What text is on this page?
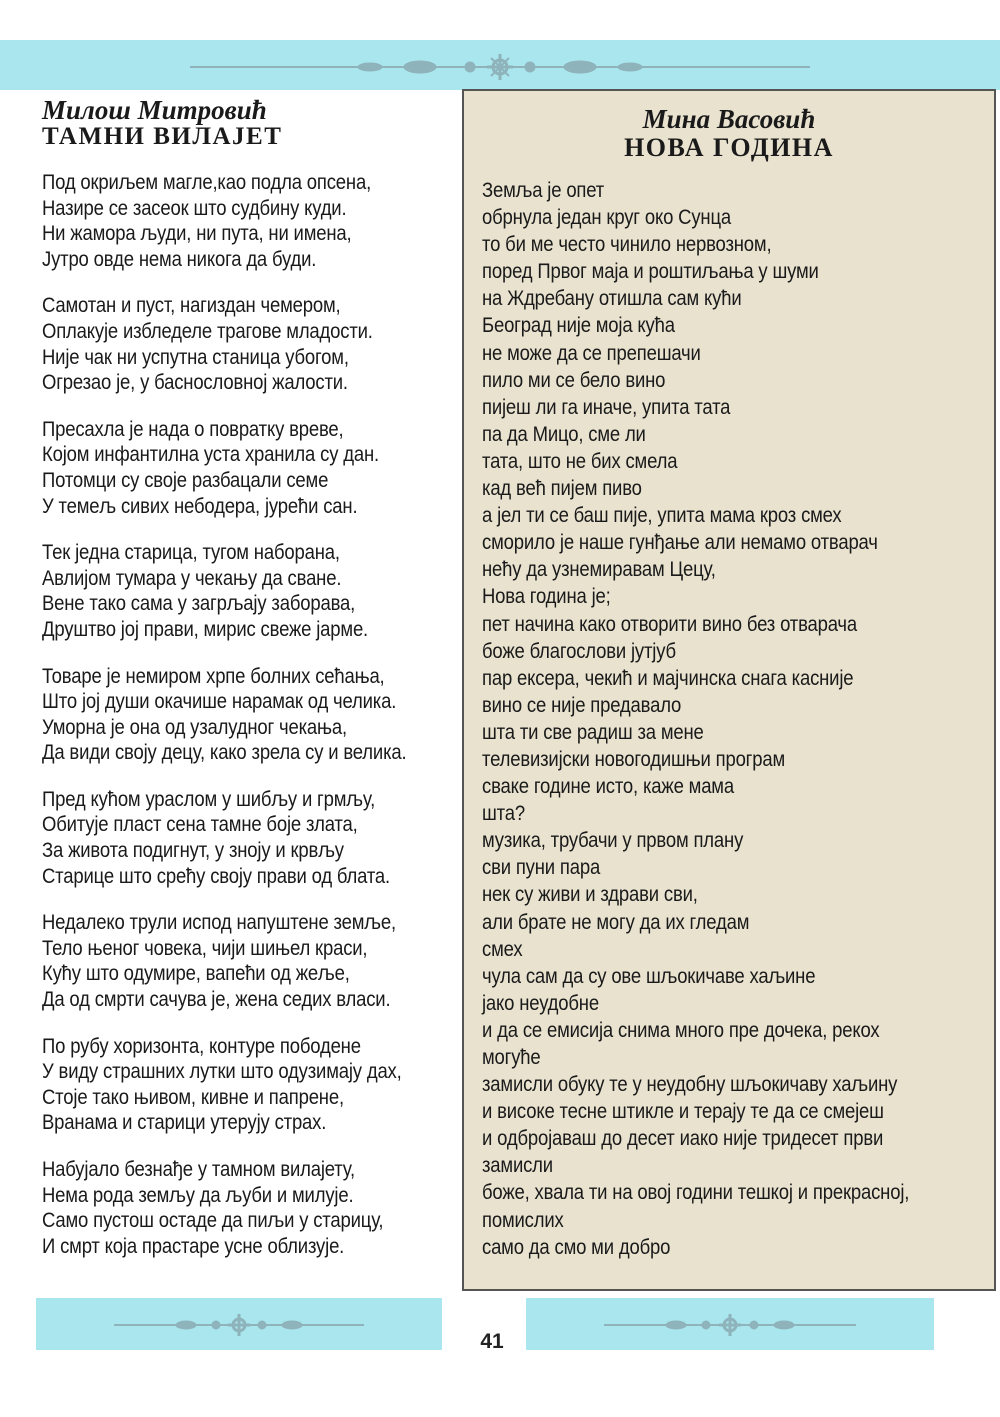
Милош Митровић
ТАМНИ ВИЛАЈЕТ
Под окриљем магле,као подла опсена,
Назире се засеок што судбину куди.
Ни жамора људи, ни пута, ни имена,
Јутро овде нема никога да буди.
Самотан и пуст, нагиздан чемером,
Оплакује избледеле трагове младости.
Није чак ни успутна станица убогом,
Огрезао је, у баснословној жалости.
Пресахла је нада о повратку вреве,
Којом инфантилна уста хранила су дан.
Потомци су своје разбацали семе
У темељ сивих небодера, јурећи сан.
Тек једна старица, тугом наборана,
Авлијом тумара у чекању да сване.
Вене тако сама у загрљају заборава,
Друштво јој прави, мирис свеже јарме.
Товаре је немиром хрпе болних сећања,
Што јој души окачише нарамак од челика.
Уморна је она од узалудног чекања,
Да види своју децу, како зрела су и велика.
Пред кућом урaслом у шибљу и грмљу,
Обитује пласт сена тамне боје злата,
За живота подигнут, у зноју и крвљу
Старице што срећу своју прави од блата.
Недалеко трули испод напуштене земље,
Тело њеног човека, чији шињел краси,
Кућу што одумире, вапећи од жеље,
Да од смрти сачува је, жена седих власи.
По рубу хоризонта, контуре пободене
У виду страшних лутки што одузимају дах,
Стоје тако њивом, кивне и папрене,
Вранама и старици утерују страх.
Набујало безнађе у тамном вилајету,
Нема рода земљу да љуби и милује.
Само пустош остаде да пиљи у старицу,
И смрт која прастаре усне облизује.
Мина Васовић
НОВА ГОДИНА
Земља је опет
обрнула један круг око Сунца
то би ме често чинило нервозном,
поред Првог маја и роштиљања у шуми
на Ждребану отишла сам кући
Београд није моја кућа
не може да се препешачи
пило ми се бело вино
пијеш ли га иначе, упита тата
па да Мицо, сме ли
тата, што не бих смела
кад већ пијем пиво
а јел ти се баш пије, упита мама кроз смех
сморило је наше гунђање али немамо отварач
нећу да узнемиравам Цецу,
Нова година је;
пет начина како отворити вино без отварача
боже благослови јутјуб
пар ексера, чекић и мајчинска снага касније
вино се није предавало
шта ти све радиш за мене
телевизијски новогодишњи програм
сваке године исто, каже мама
шта?
музика, трубачи у првом плану
сви пуни пара
нек су живи и здрави сви,
али брате не могу да их гледам
смех
чула сам да су ове шљокичаве хаљине
јако неудобне
и да се емисија снима много пре дочека, рекох
могуће
замисли обуку те у неудобну шљокичаву хаљину
и високе тесне штикле и терају те да се смејеш
и одбројаваш до десет иако није тридесет први
замисли
боже, хвала ти на овој години тешкој и прекрасној,
помислих
само да смо ми добро
41
